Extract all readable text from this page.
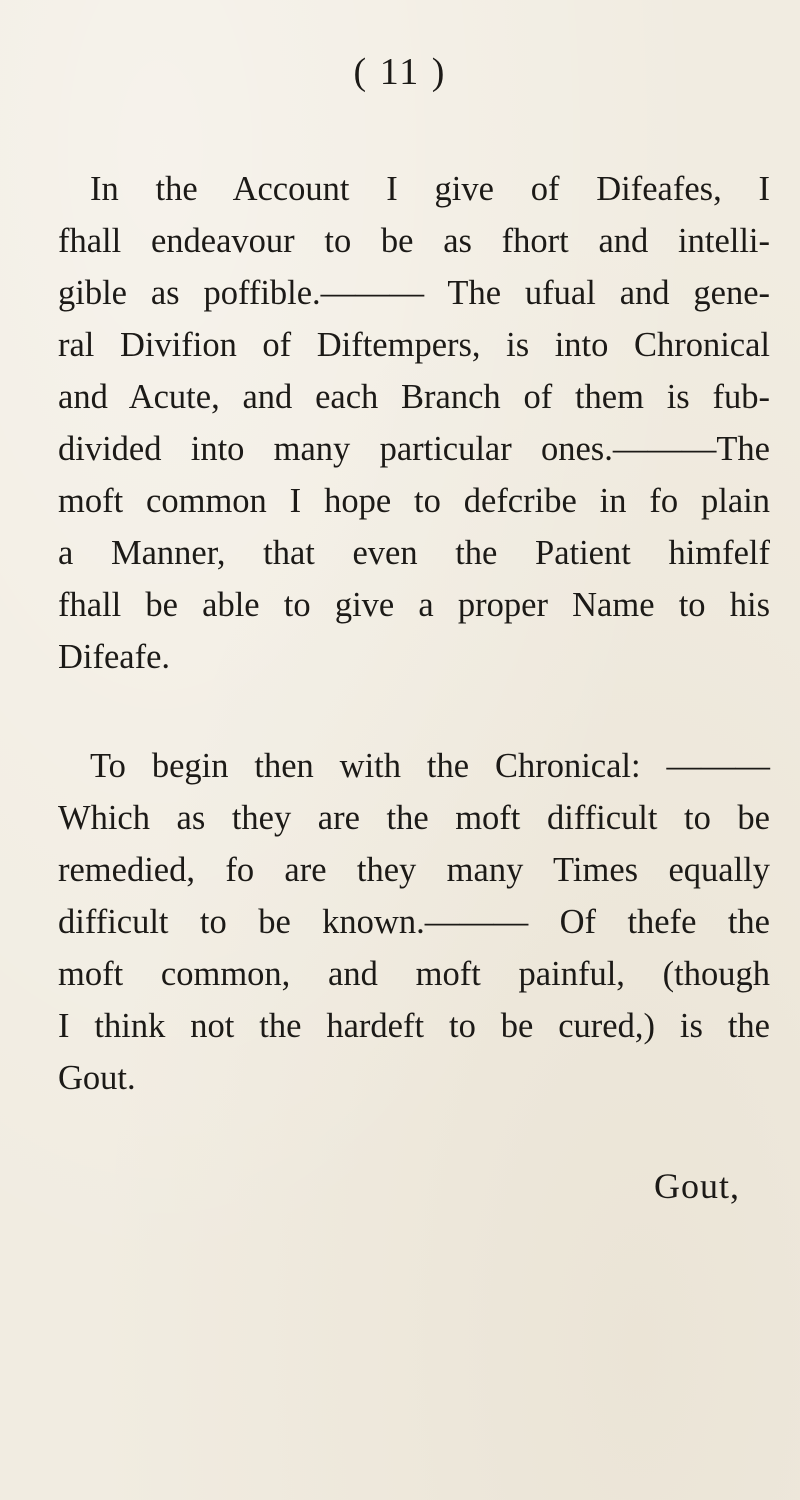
( 11 )
In the Account I give of Difeafes, I
fhall endeavour to be as fhort and intelli-
gible as poffible.——— The ufual and gene-
ral Divifion of Diftempers, is into Chronical
and Acute, and each Branch of them is fub-
divided into many particular ones.———The
moft common I hope to defcribe in fo plain
a Manner, that even the Patient himfelf
fhall be able to give a proper Name to his
Difeafe.
To begin then with the Chronical: ———
Which as they are the moft difficult to be
remedied, fo are they many Times equally
difficult to be known.——— Of thefe the
moft common, and moft painful, (though
I think not the hardeft to be cured,) is the
Gout.
Gout,
